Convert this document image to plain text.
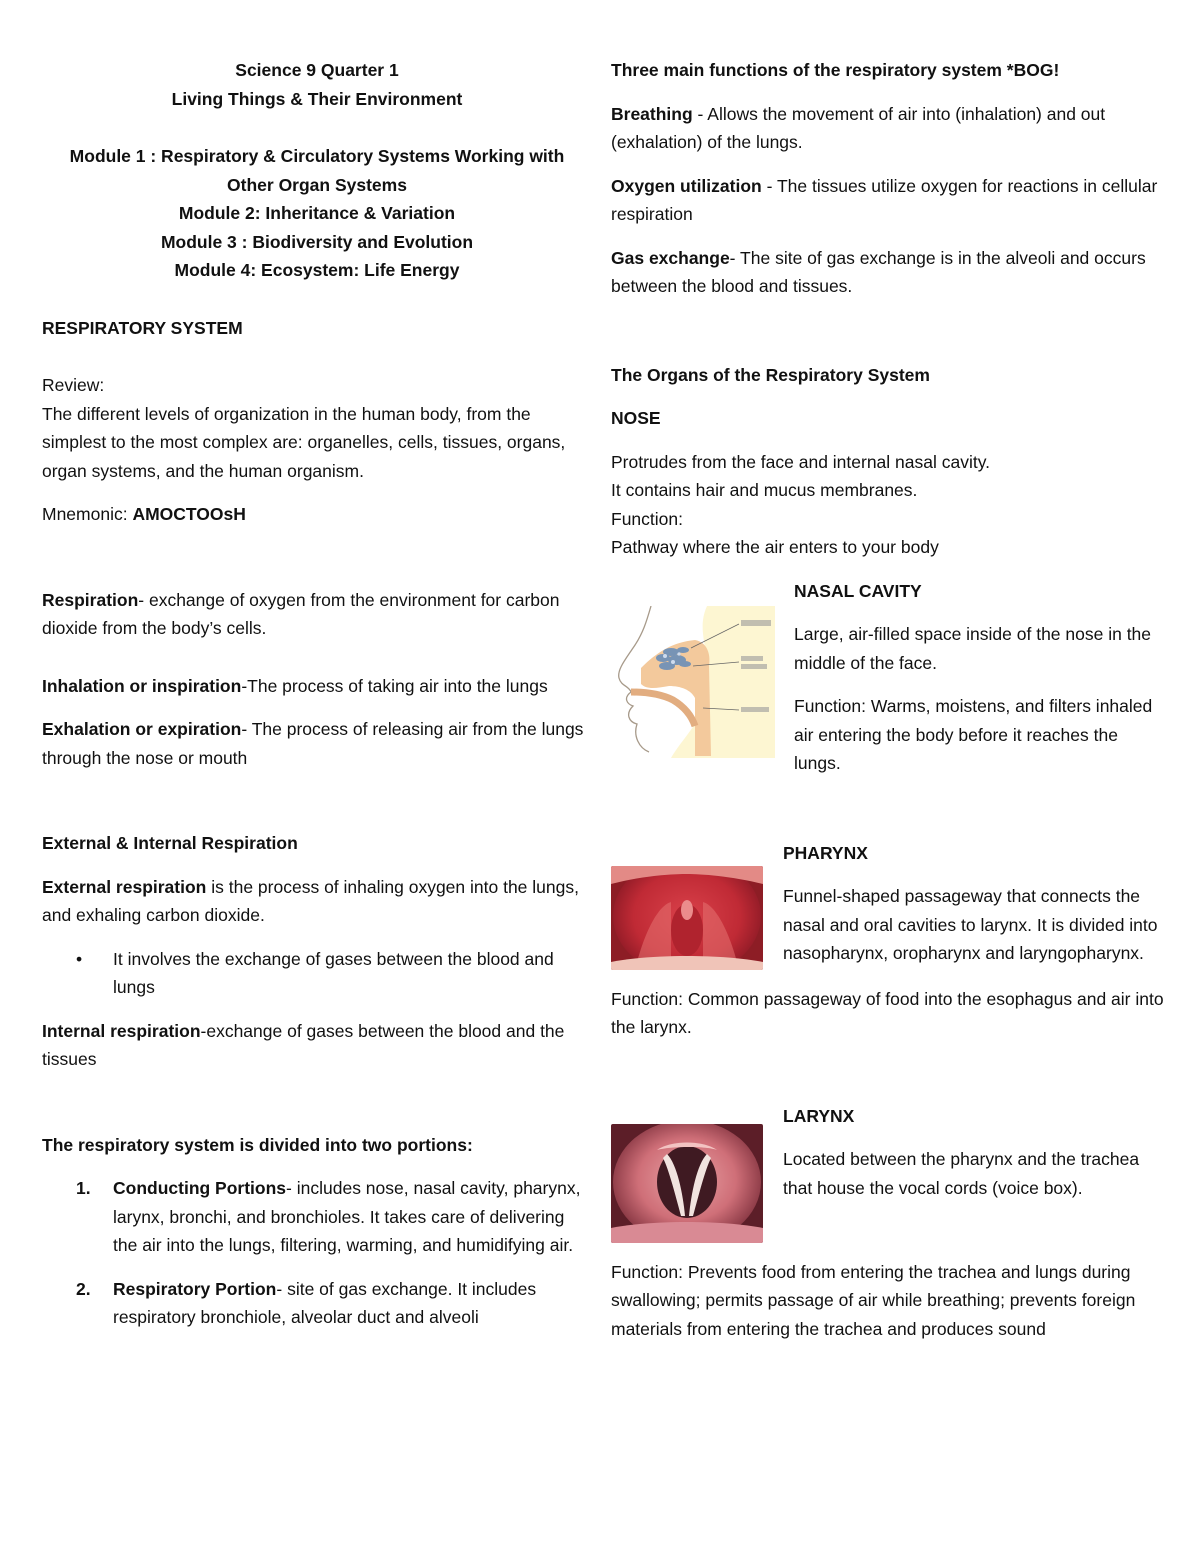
Science 9 Quarter 1

Living Things & Their Environment

Module 1 : Respiratory & Circulatory Systems Working with

Other Organ Systems

Module 2: Inheritance & Variation

Module 3 : Biodiversity and Evolution

Module 4: Ecosystem: Life Energy

RESPIRATORY SYSTEM

Review:

The different levels of organization in the human body, from the simplest to the most complex are: organelles, cells, tissues, organs, organ systems, and the human organism.

Mnemonic: AMOCTOOsH

Respiration- exchange of oxygen from the environment for carbon dioxide from the body’s cells.

Inhalation or inspiration-The process of taking air into the lungs

Exhalation or expiration- The process of releasing air from the lungs through the nose or mouth

External & Internal Respiration

External respiration is the process of inhaling oxygen into the lungs, and exhaling carbon dioxide.

• It involves the exchange of gases between the blood and lungs

Internal respiration-exchange of gases between the blood and the tissues

The respiratory system is divided into two portions:

1. Conducting Portions- includes nose, nasal cavity, pharynx, larynx, bronchi, and bronchioles. It takes care of delivering the air into the lungs, filtering, warming, and humidifying air.
2. Respiratory Portion- site of gas exchange. It includes respiratory bronchiole, alveolar duct and alveoli

Three main functions of the respiratory system *BOG!

Breathing - Allows the movement of air into (inhalation) and out (exhalation) of the lungs.

Oxygen utilization - The tissues utilize oxygen for reactions in cellular respiration

Gas exchange- The site of gas exchange is in the alveoli and occurs between the blood and tissues.

The Organs of the Respiratory System

NOSE

Protrudes from the face and internal nasal cavity.

It contains hair and mucus membranes.

Function:

Pathway where the air enters to your body

NASAL CAVITY

Large, air-filled space inside of the nose in the middle of the face.

Function: Warms, moistens, and filters inhaled air entering the body before it reaches the lungs.

PHARYNX

Funnel-shaped passageway that connects the nasal and oral cavities to larynx. It is divided into nasopharynx, oropharynx and laryngopharynx.

Function: Common passageway of food into the esophagus and air into the larynx.

LARYNX

Located between the pharynx and the trachea that house the vocal cords (voice box).

Function: Prevents food from entering the trachea and lungs during swallowing; permits passage of air while breathing; prevents foreign materials from entering the trachea and produces sound
